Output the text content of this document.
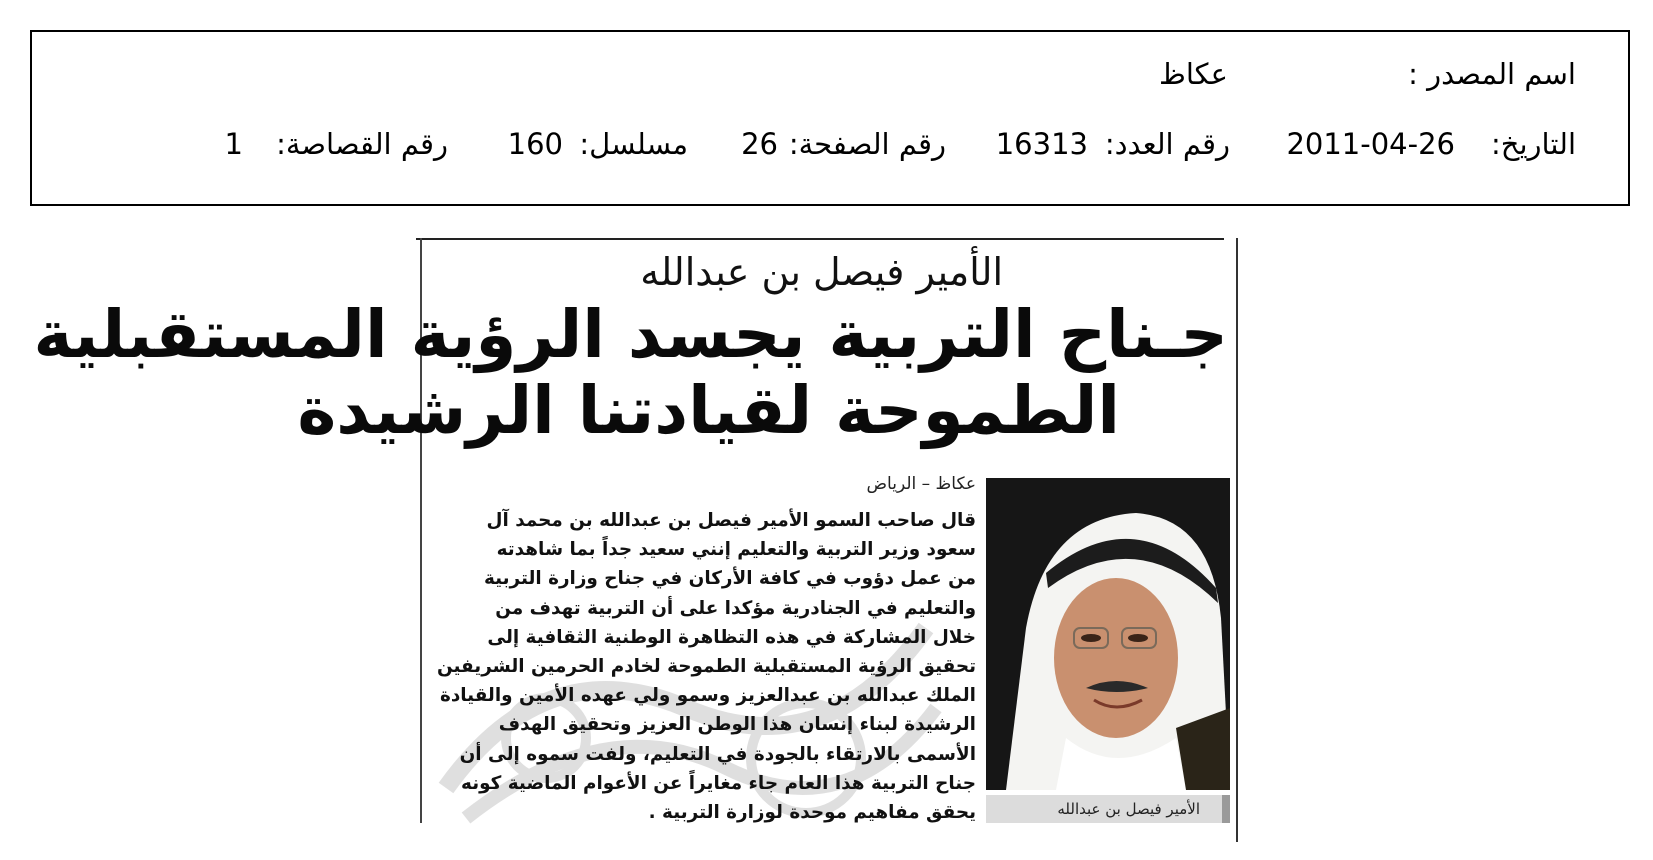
اسم المصدر :
عكاظ
التاريخ:
2011-04-26
رقم العدد:
16313
رقم الصفحة:
26
مسلسل:
160
رقم القصاصة:
1
الأمير فيصل بن عبدالله
جـناح التربية يجسد الرؤية المستقبلية
الطموحة لقيادتنا الرشيدة
عكاظ – الرياض
قال صاحب السمو الأمير فيصل بن عبدالله بن محمد آل
سعود وزير التربية والتعليم إنني سعيد جداً بما شاهدته
من عمل دؤوب في كافة الأركان في جناح وزارة التربية
والتعليم في الجنادرية مؤكدا على أن التربية تهدف من
خلال المشاركة في هذه التظاهرة الوطنية الثقافية إلى
تحقيق الرؤية المستقبلية الطموحة لخادم الحرمين الشريفين
الملك عبدالله بن عبدالعزيز وسمو ولي عهده الأمين والقيادة
الرشيدة لبناء إنسان هذا الوطن العزيز وتحقيق الهدف
الأسمى بالارتقاء بالجودة في التعليم، ولفت سموه إلى أن
جناح التربية هذا العام جاء مغايراً عن الأعوام الماضية كونه
يحقق مفاهيم موحدة لوزارة التربية .	الأمير فيصل بن عبدالله
